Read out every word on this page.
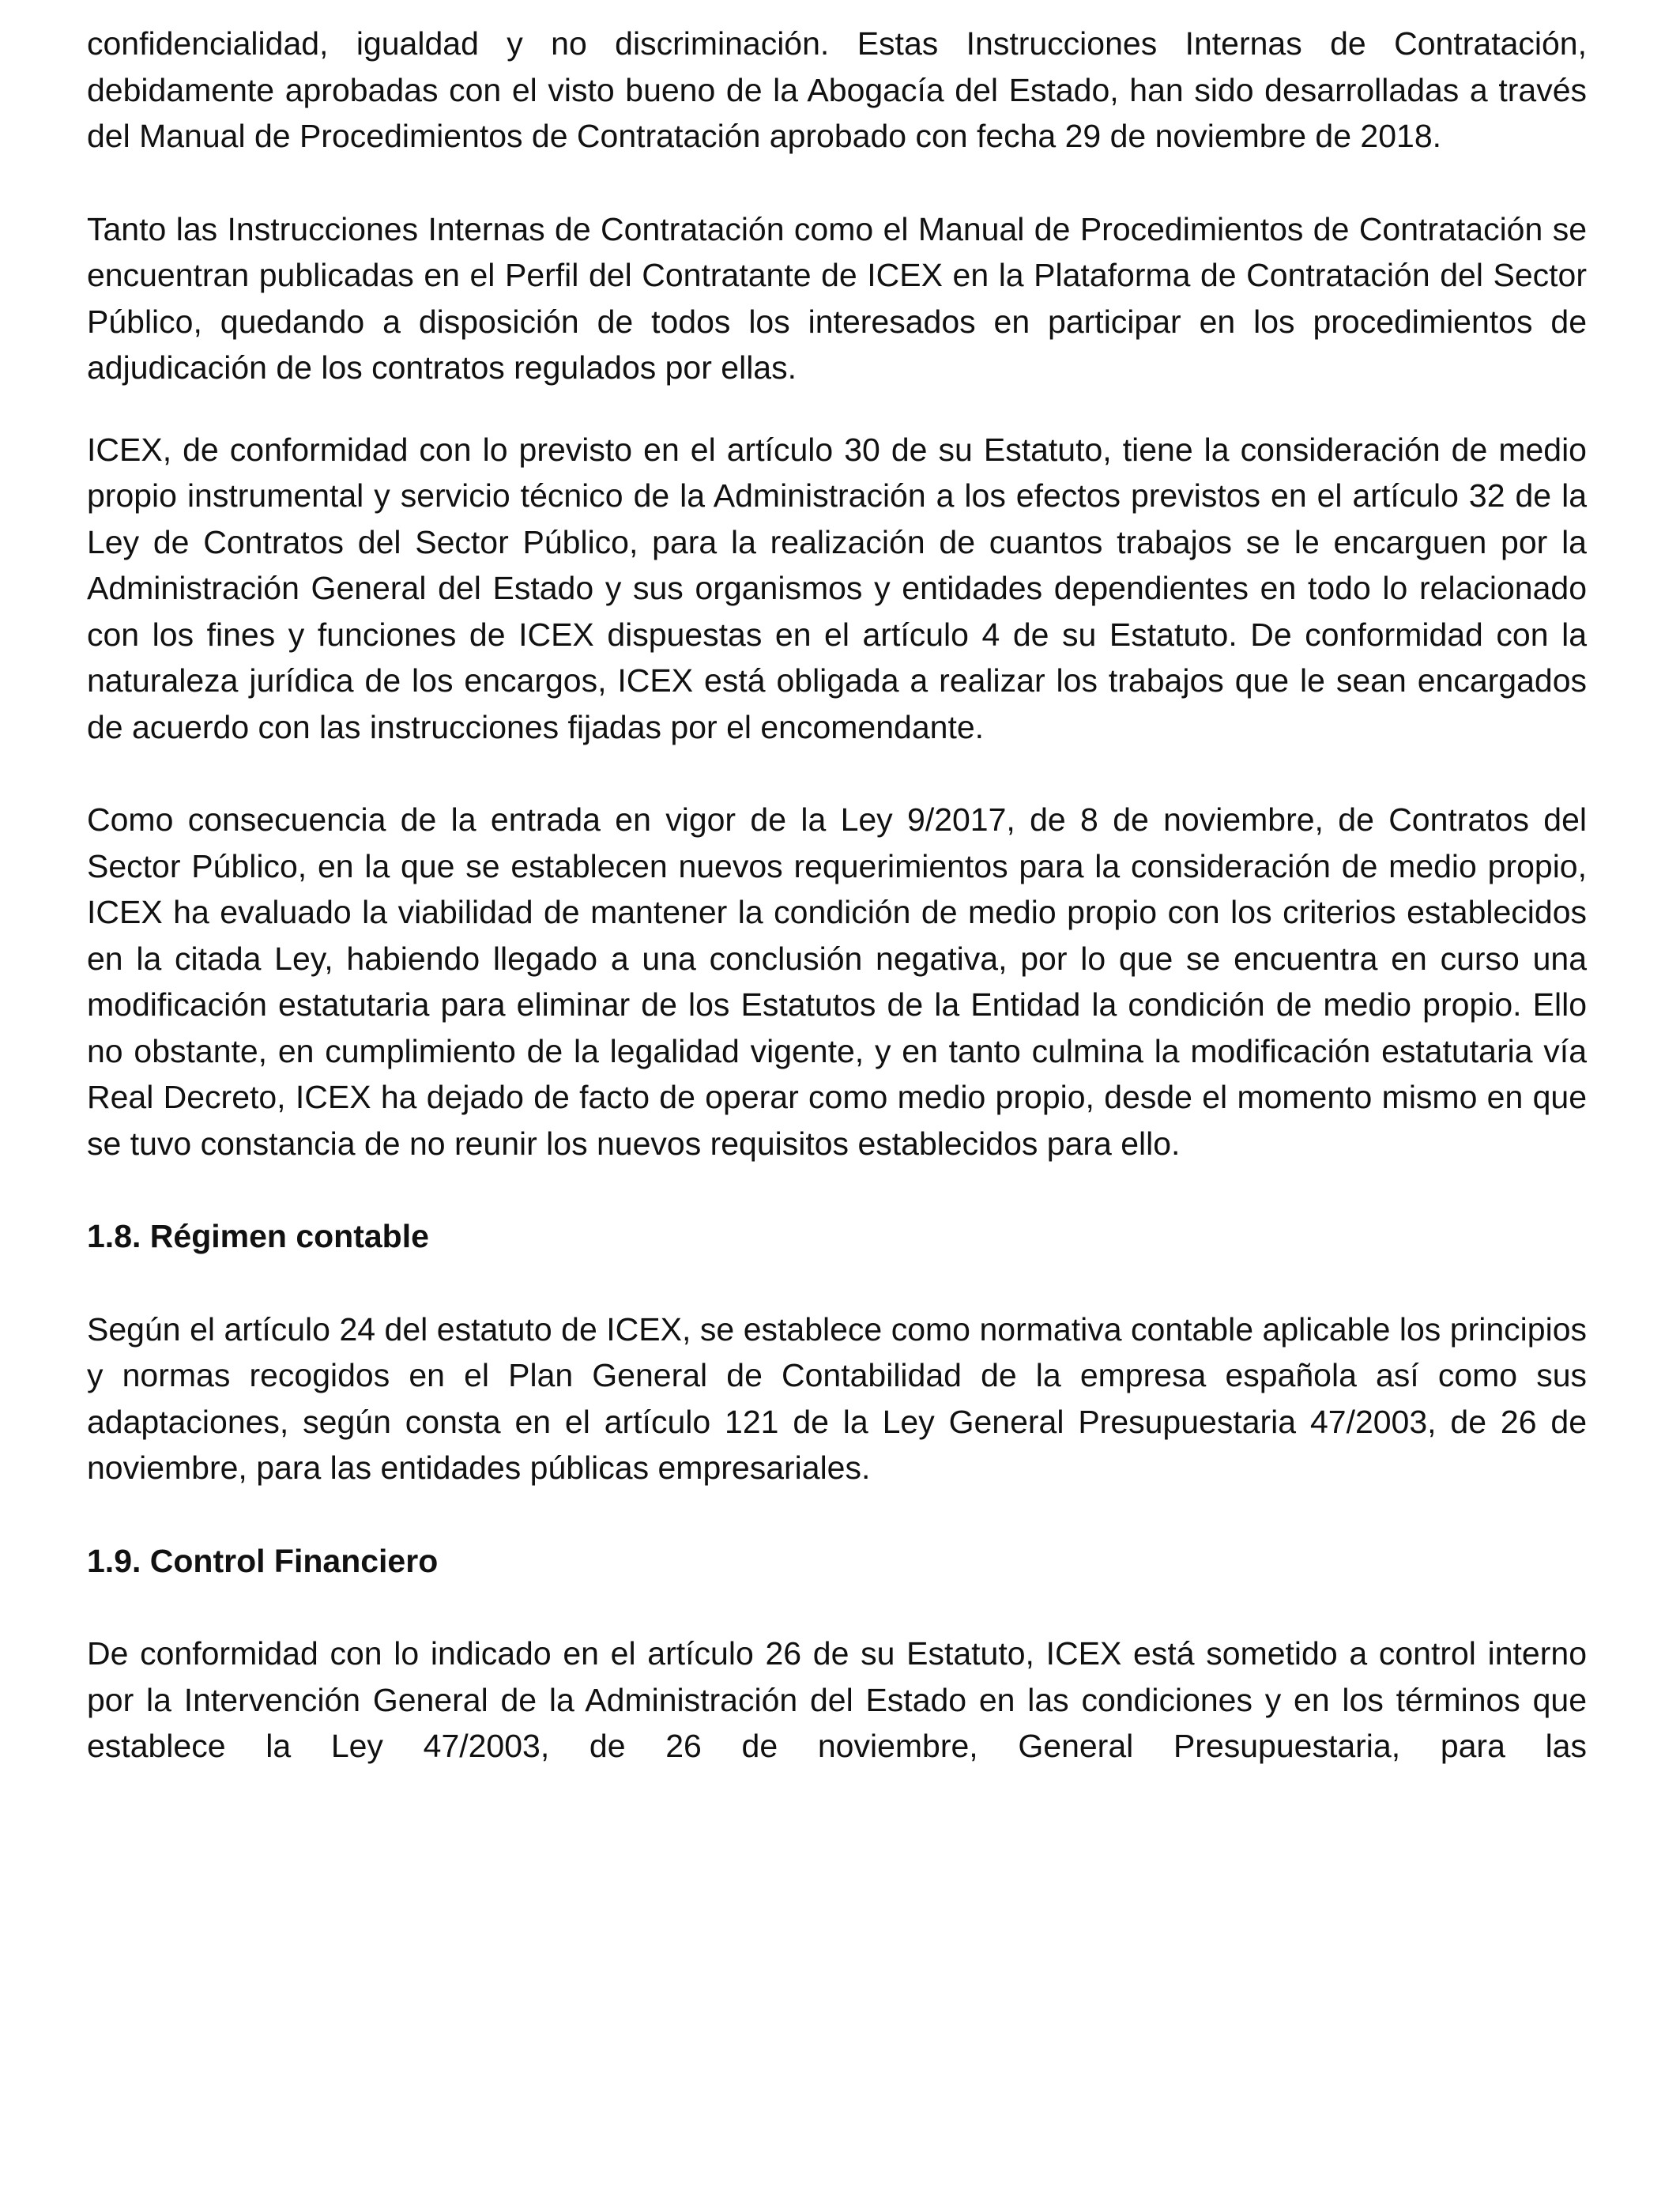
confidencialidad, igualdad y no discriminación. Estas Instrucciones Internas de Contratación, debidamente aprobadas con el visto bueno de la Abogacía del Estado, han sido desarrolladas a través del Manual de Procedimientos de Contratación aprobado con fecha 29 de noviembre de 2018.

Tanto las Instrucciones Internas de Contratación como el Manual de Procedimientos de Contratación se encuentran publicadas en el Perfil del Contratante de ICEX en la Plataforma de Contratación del Sector Público, quedando a disposición de todos los interesados en participar en los procedimientos de adjudicación de los contratos regulados por ellas.

ICEX, de conformidad con lo previsto en el artículo 30 de su Estatuto, tiene la consideración de medio propio instrumental y servicio técnico de la Administración a los efectos previstos en el artículo 32 de la Ley de Contratos del Sector Público, para la realización de cuantos trabajos se le encarguen por la Administración General del Estado y sus organismos y entidades dependientes en todo lo relacionado con los fines y funciones de ICEX dispuestas en el artículo 4 de su Estatuto. De conformidad con la naturaleza jurídica de los encargos, ICEX está obligada a realizar los trabajos que le sean encargados de acuerdo con las instrucciones fijadas por el encomendante.

Como consecuencia de la entrada en vigor de la Ley 9/2017, de 8 de noviembre, de Contratos del Sector Público, en la que se establecen nuevos requerimientos para la consideración de medio propio, ICEX ha evaluado la viabilidad de mantener la condición de medio propio con los criterios establecidos en la citada Ley, habiendo llegado a una conclusión negativa, por lo que se encuentra en curso una modificación estatutaria para eliminar de los Estatutos de la Entidad la condición de medio propio. Ello no obstante, en cumplimiento de la legalidad vigente, y en tanto culmina la modificación estatutaria vía Real Decreto, ICEX ha dejado de facto de operar como medio propio, desde el momento mismo en que se tuvo constancia de no reunir los nuevos requisitos establecidos para ello.

1.8. Régimen contable

Según el artículo 24 del estatuto de ICEX, se establece como normativa contable aplicable los principios y normas recogidos en el Plan General de Contabilidad de la empresa española así como sus adaptaciones, según consta en el artículo 121 de la Ley General Presupuestaria 47/2003, de 26 de noviembre, para las entidades públicas empresariales.

1.9. Control Financiero

De conformidad con lo indicado en el artículo 26 de su Estatuto, ICEX está sometido a control interno por la Intervención General de la Administración del Estado en las condiciones y en los términos que establece la Ley 47/2003, de 26 de noviembre, General Presupuestaria, para las
